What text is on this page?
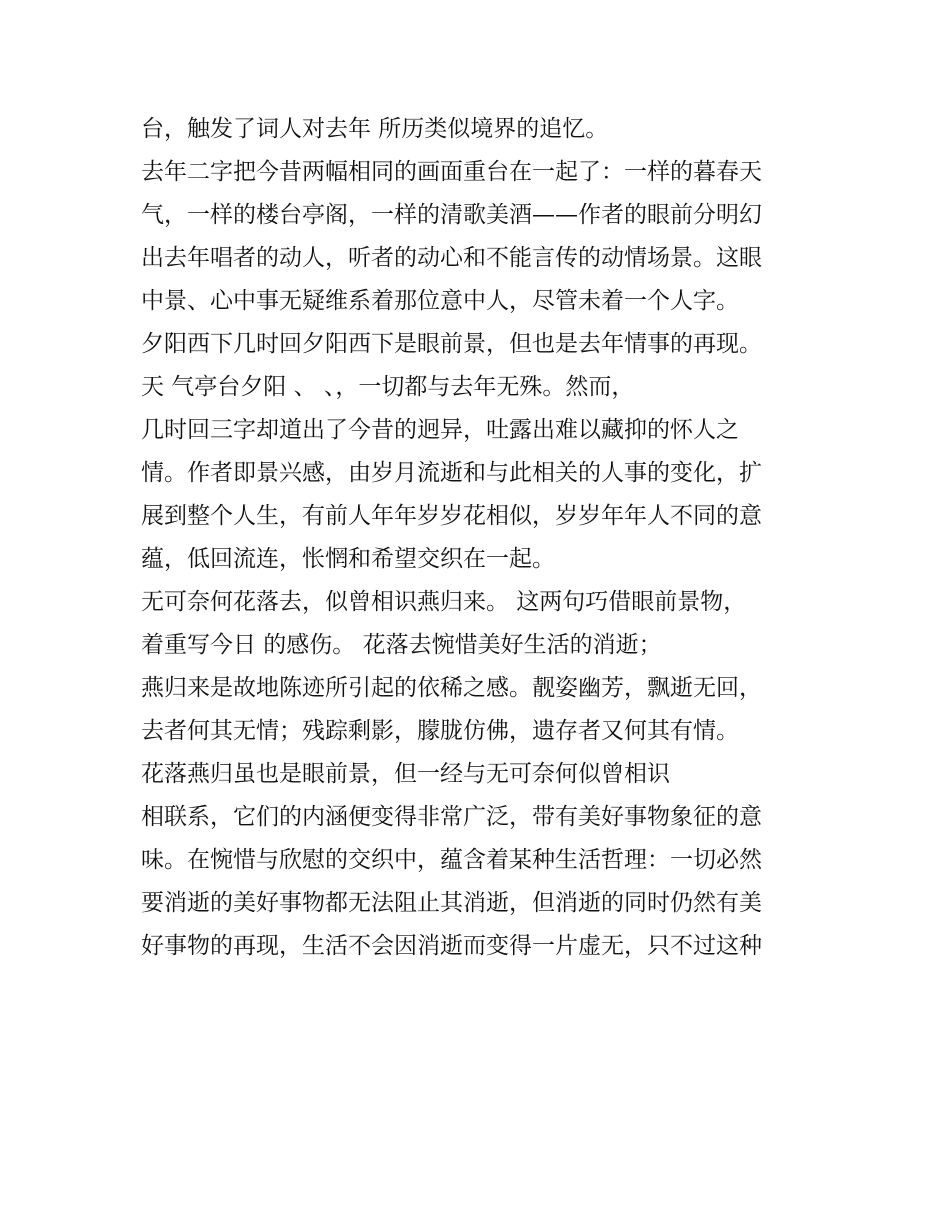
台，触发了词人对去年 所历类似境界的追忆。
去年二字把今昔两幅相同的画面重台在一起了：一样的暮春天
气，一样的楼台亭阁，一样的清歌美酒——作者的眼前分明幻
出去年唱者的动人，听者的动心和不能言传的动情场景。这眼
中景、心中事无疑维系着那位意中人，尽管未着一个人字。
夕阳西下几时回夕阳西下是眼前景，但也是去年情事的再现。
天 气亭台夕阳 、 、，一切都与去年无殊。然而，
几时回三字却道出了今昔的迥异，吐露出难以藏抑的怀人之
情。作者即景兴感，由岁月流逝和与此相关的人事的变化，扩
展到整个人生，有前人年年岁岁花相似，岁岁年年人不同的意
蕴，低回流连，怅惘和希望交织在一起。
无可奈何花落去，似曾相识燕归来。 这两句巧借眼前景物，
着重写今日 的感伤。 花落去惋惜美好生活的消逝；
燕归来是故地陈迹所引起的依稀之感。靓姿幽芳，飘逝无回，
去者何其无情；残踪剩影，朦胧仿佛，遗存者又何其有情。
花落燕归虽也是眼前景，但一经与无可奈何似曾相识
相联系，它们的内涵便变得非常广泛，带有美好事物象征的意
味。在惋惜与欣慰的交织中，蕴含着某种生活哲理：一切必然
要消逝的美好事物都无法阻止其消逝，但消逝的同时仍然有美
好事物的再现，生活不会因消逝而变得一片虚无，只不过这种
